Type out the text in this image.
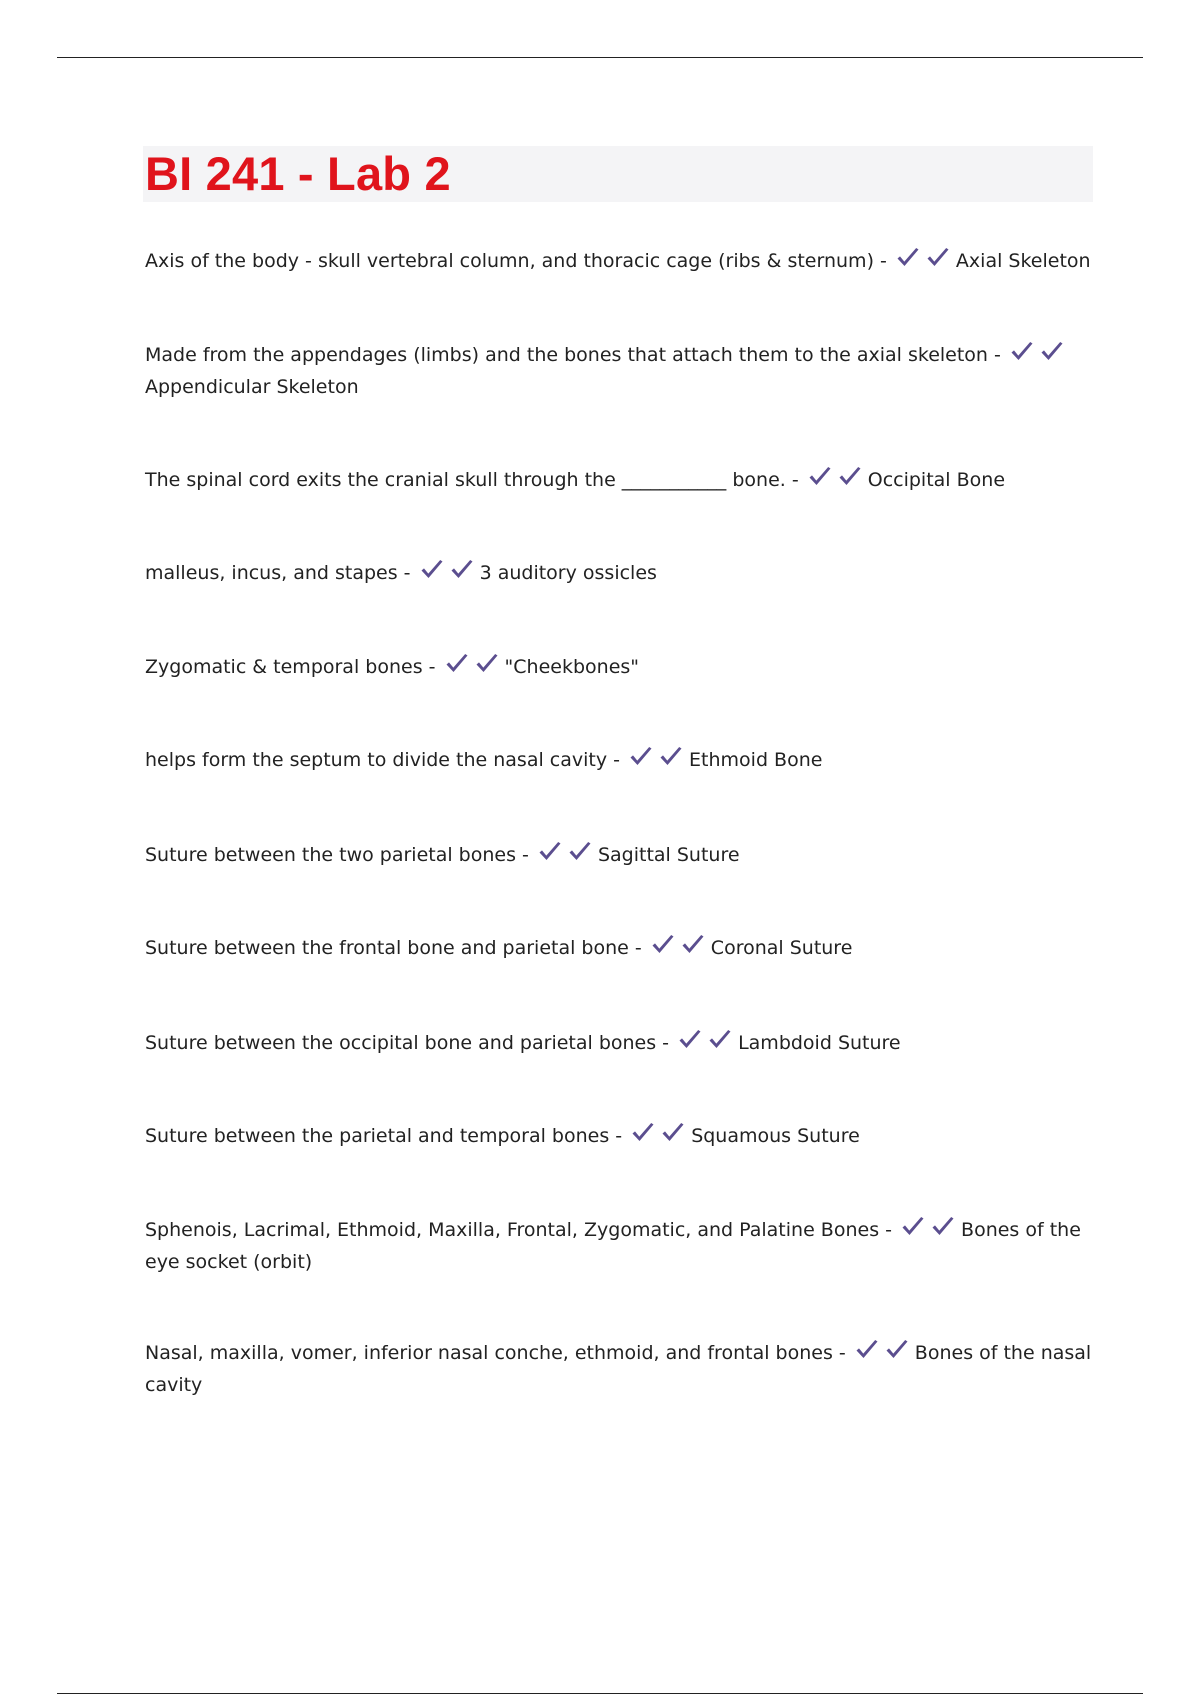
BI 241 - Lab 2
Axis of the body - skull vertebral column, and thoracic cage (ribs & sternum) -	Axial Skeleton
Made from the appendages (limbs) and the bones that attach them to the axial skeleton -
Appendicular Skeleton
The spinal cord exits the cranial skull through the ___________ bone. -	Occipital Bone
malleus, incus, and stapes -	3 auditory ossicles
Zygomatic & temporal bones -	"Cheekbones"
helps form the septum to divide the nasal cavity -	Ethmoid Bone
Suture between the two parietal bones -	Sagittal Suture
Suture between the frontal bone and parietal bone -	Coronal Suture
Suture between the occipital bone and parietal bones -	Lambdoid Suture
Suture between the parietal and temporal bones -	Squamous Suture
Sphenois, Lacrimal, Ethmoid, Maxilla, Frontal, Zygomatic, and Palatine Bones -	Bones of the eye socket (orbit)
Nasal, maxilla, vomer, inferior nasal conche, ethmoid, and frontal bones -	Bones of the nasal cavity
